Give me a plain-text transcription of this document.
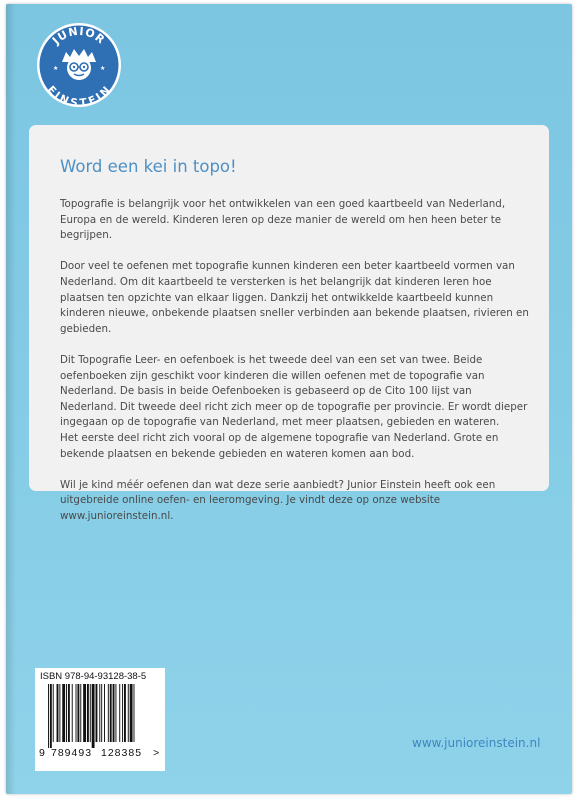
JUNIOR
EINSTEIN
★	★
Word een kei in topo!

Topografie is belangrijk voor het ontwikkelen van een goed kaartbeeld van Nederland, Europa en de wereld. Kinderen leren op deze manier de wereld om hen heen beter te begrijpen.

Door veel te oefenen met topografie kunnen kinderen een beter kaartbeeld vormen van Nederland. Om dit kaartbeeld te versterken is het belangrijk dat kinderen leren hoe plaatsen ten opzichte van elkaar liggen. Dankzij het ontwikkelde kaartbeeld kunnen kinderen nieuwe, onbekende plaatsen sneller verbinden aan bekende plaatsen, rivieren en gebieden.

Dit Topografie Leer- en oefenboek is het tweede deel van een set van twee. Beide oefenboeken zijn geschikt voor kinderen die willen oefenen met de topografie van Nederland. De basis in beide Oefenboeken is gebaseerd op de Cito 100 lijst van Nederland. Dit tweede deel richt zich meer op de topografie per provincie. Er wordt dieper ingegaan op de topografie van Nederland, met meer plaatsen, gebieden en wateren.

Het eerste deel richt zich vooral op de algemene topografie van Nederland. Grote en bekende plaatsen en bekende gebieden en wateren komen aan bod.

Wil je kind méér oefenen dan wat deze serie aanbiedt? Junior Einstein heeft ook een uitgebreide online oefen- en leeromgeving. Je vindt deze op onze website www.junioreinstein.nl.

ISBN 978-94-93128-38-5
9 789493 128385 >
www.junioreinstein.nl
